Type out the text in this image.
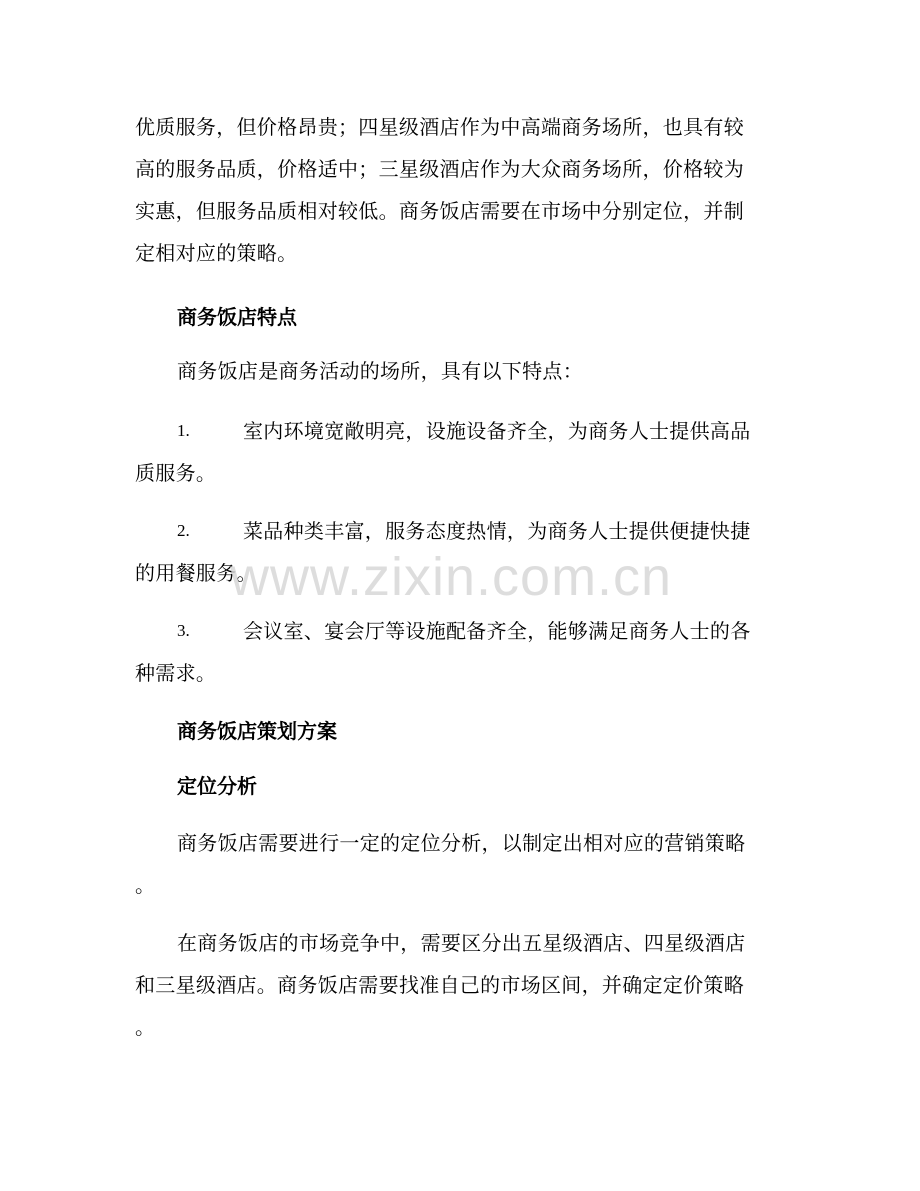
优质服务，但价格昂贵；四星级酒店作为中高端商务场所，也具有较
高的服务品质，价格适中；三星级酒店作为大众商务场所，价格较为
实惠，但服务品质相对较低。商务饭店需要在市场中分别定位，并制
定相对应的策略。
商务饭店特点
商务饭店是商务活动的场所，具有以下特点：
1.	室内环境宽敞明亮，设施设备齐全，为商务人士提供高品
质服务。
2.	菜品种类丰富，服务态度热情，为商务人士提供便捷快捷
的用餐服务。
3.	会议室、宴会厅等设施配备齐全，能够满足商务人士的各
种需求。
商务饭店策划方案
定位分析
商务饭店需要进行一定的定位分析，以制定出相对应的营销策略
。
在商务饭店的市场竞争中，需要区分出五星级酒店、四星级酒店
和三星级酒店。商务饭店需要找准自己的市场区间，并确定定价策略
。
www.zixin.com.cn
